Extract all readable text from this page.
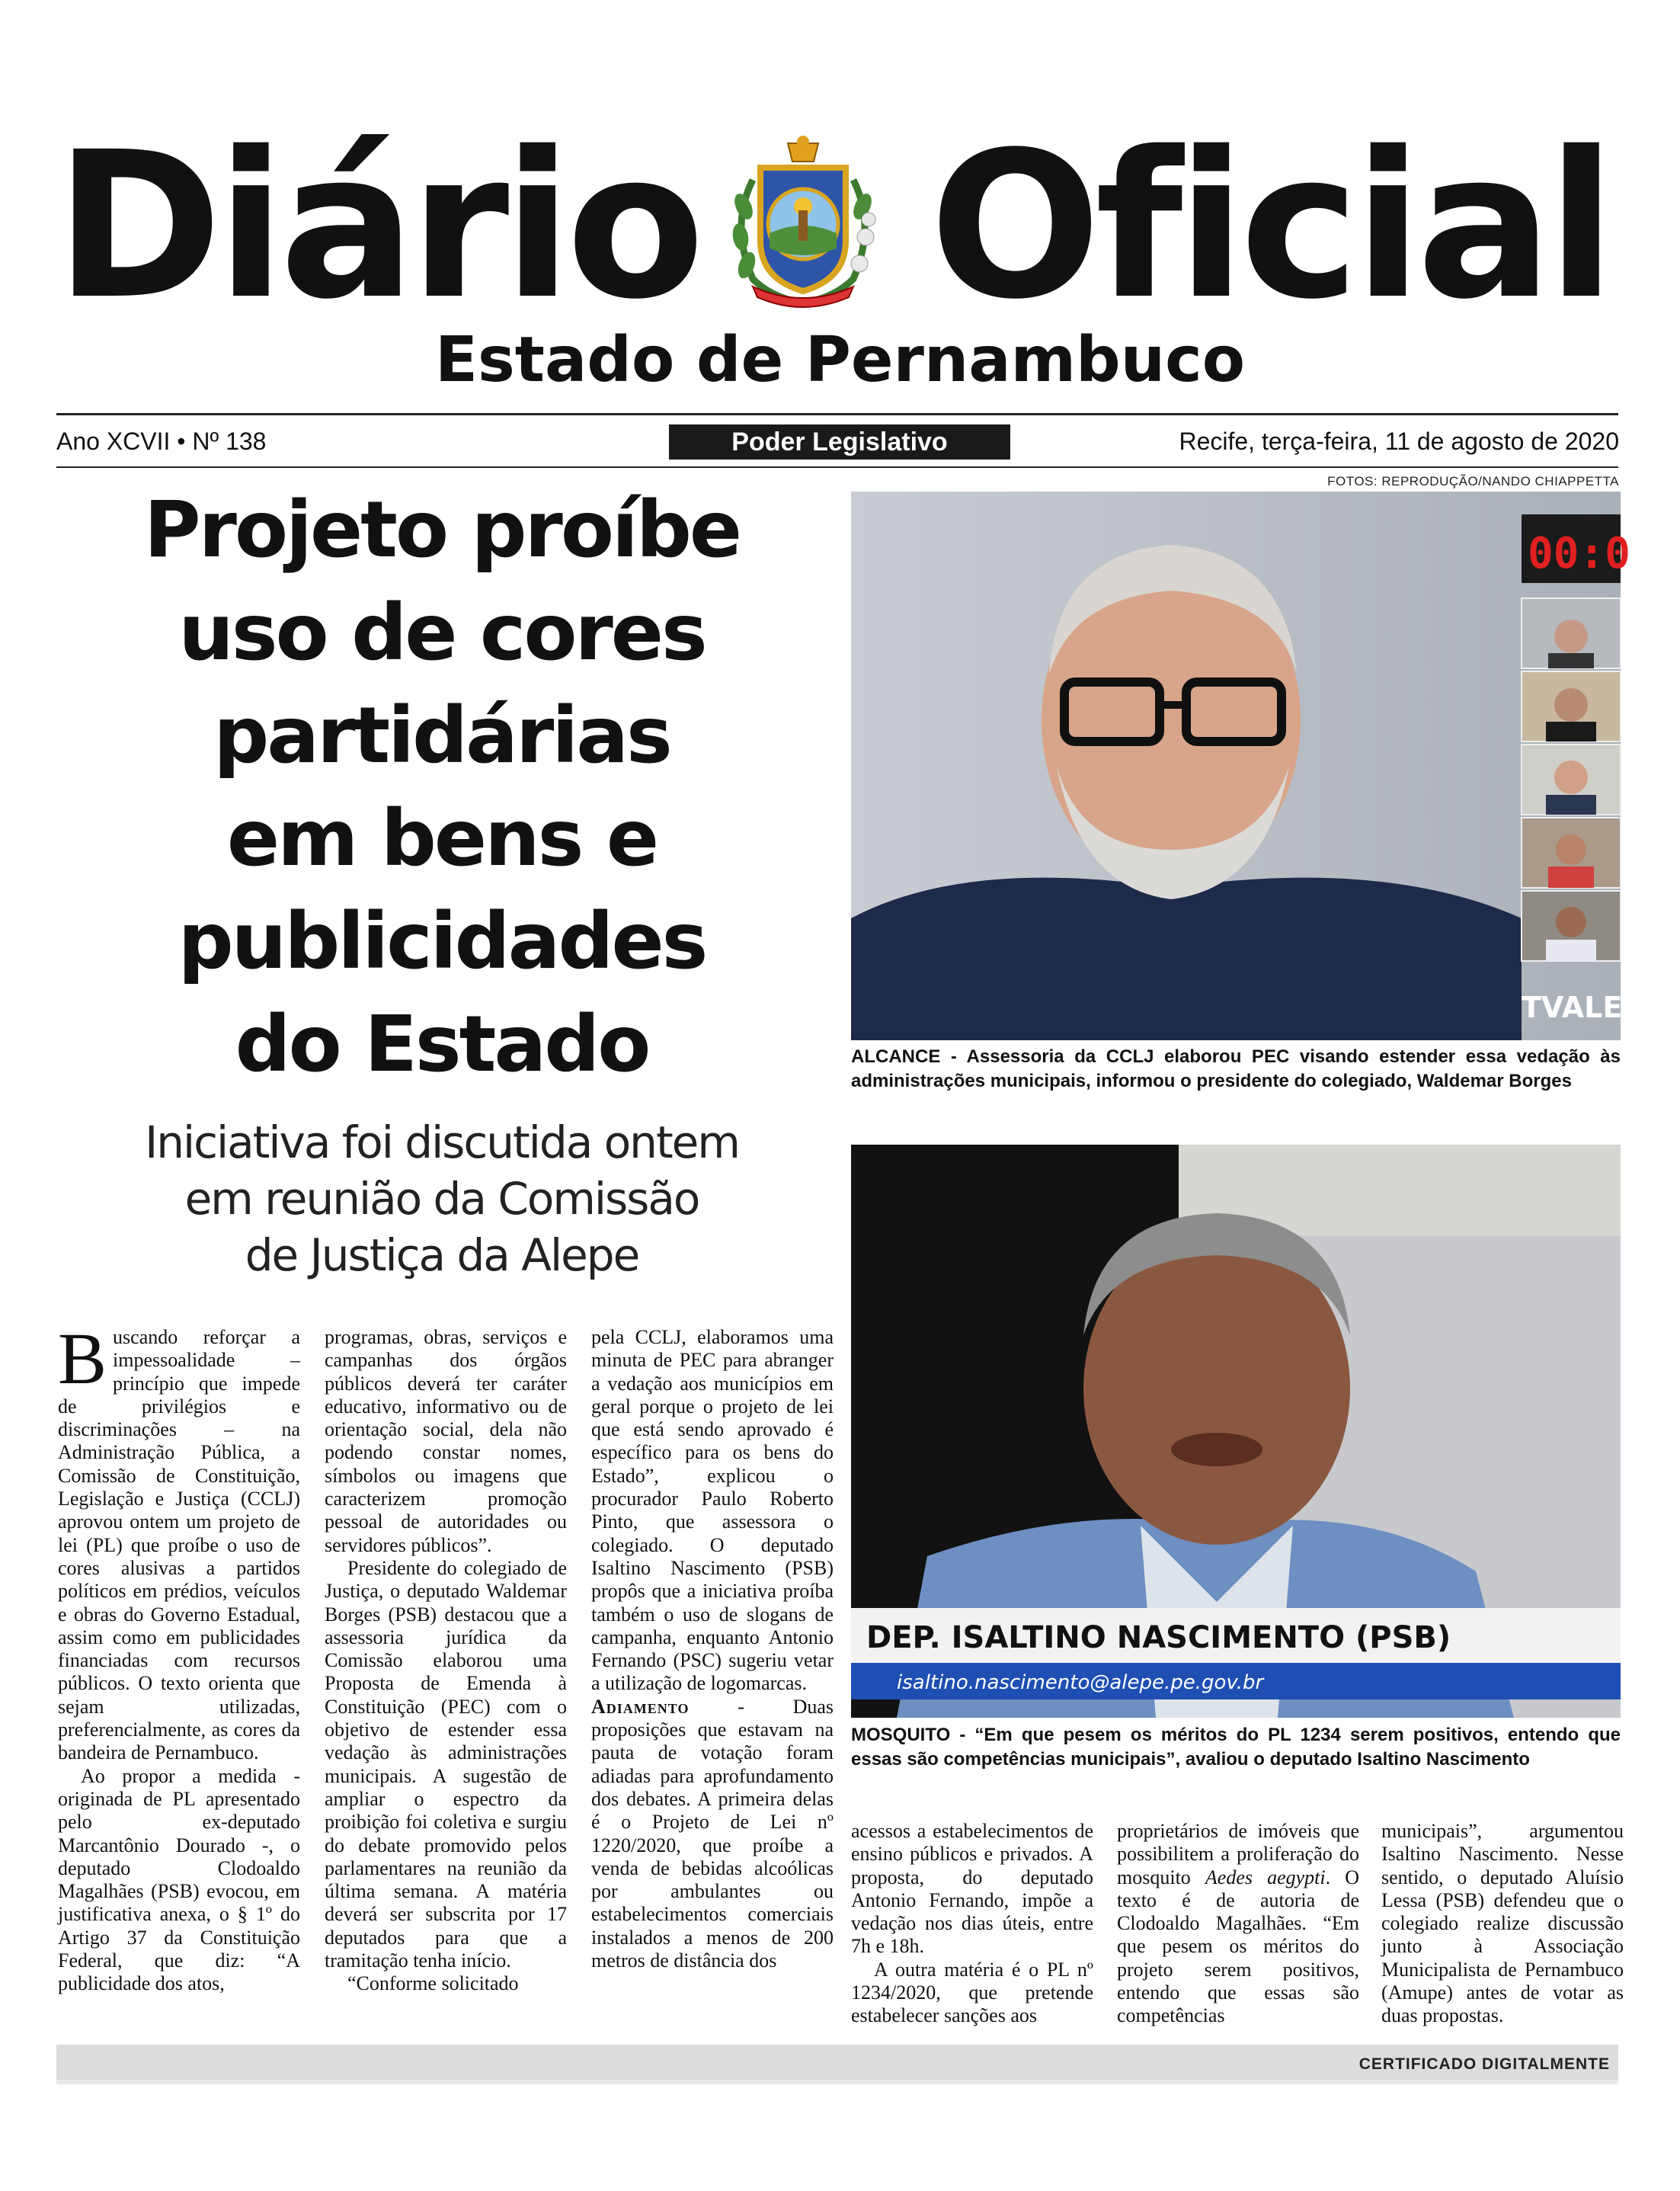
Diário Oficial
Estado de Pernambuco
Ano XCVII • Nº 138	Poder Legislativo	Recife, terça-feira, 11 de agosto de 2020
FOTOS: REPRODUÇÃO/NANDO CHIAPPETTA
Projeto proíbe
uso de cores
partidárias
em bens e
publicidades
do Estado
Iniciativa foi discutida ontem
em reunião da Comissão
de Justiça da Alepe
00:0
TVALEPE
ALCANCE - Assessoria da CCLJ elaborou PEC visando estender essa vedação às administrações municipais, informou o presidente do colegiado, Waldemar Borges
DEP. ISALTINO NASCIMENTO (PSB)
isaltino.nascimento@alepe.pe.gov.br
MOSQUITO - “Em que pesem os méritos do PL 1234 serem positivos, entendo que essas são competências municipais”, avaliou o deputado Isaltino Nascimento

Buscando reforçar a impessoalidade – princípio que impede de privilégios e discriminações – na Administração Pública, a Comissão de Constituição, Legislação e Justiça (CCLJ) aprovou ontem um projeto de lei (PL) que proíbe o uso de cores alusivas a partidos políticos em prédios, veículos e obras do Governo Estadual, assim como em publicidades financiadas com recursos públicos. O texto orienta que sejam utilizadas, preferencialmente, as cores da bandeira de Pernambuco.

Ao propor a medida - originada de PL apresentado pelo ex-deputado Marcantônio Dourado -, o deputado Clodoaldo Magalhães (PSB) evocou, em justificativa anexa, o § 1º do Artigo 37 da Constituição Federal, que diz: “A publicidade dos atos,

programas, obras, serviços e campanhas dos órgãos públicos deverá ter caráter educativo, informativo ou de orientação social, dela não podendo constar nomes, símbolos ou imagens que caracterizem promoção pessoal de autoridades ou servidores públicos”.

Presidente do colegiado de Justiça, o deputado Waldemar Borges (PSB) destacou que a assessoria jurídica da Comissão elaborou uma Proposta de Emenda à Constituição (PEC) com o objetivo de estender essa vedação às administrações municipais. A sugestão de ampliar o espectro da proibição foi coletiva e surgiu do debate promovido pelos parlamentares na reunião da última semana. A matéria deverá ser subscrita por 17 deputados para que a tramitação tenha início.

“Conforme solicitado

pela CCLJ, elaboramos uma minuta de PEC para abranger a vedação aos municípios em geral porque o projeto de lei que está sendo aprovado é específico para os bens do Estado”, explicou o procurador Paulo Roberto Pinto, que assessora o colegiado. O deputado Isaltino Nascimento (PSB) propôs que a iniciativa proíba também o uso de slogans de campanha, enquanto Antonio Fernando (PSC) sugeriu vetar a utilização de logomarcas.

Adiamento - Duas proposições que estavam na pauta de votação foram adiadas para aprofundamento dos debates. A primeira delas é o Projeto de Lei nº 1220/2020, que proíbe a venda de bebidas alcoólicas por ambulantes ou estabelecimentos comerciais instalados a menos de 200 metros de distância dos

acessos a estabelecimentos de ensino públicos e privados. A proposta, do deputado Antonio Fernando, impõe a vedação nos dias úteis, entre 7h e 18h.

A outra matéria é o PL nº 1234/2020, que pretende estabelecer sanções aos

proprietários de imóveis que possibilitem a proliferação do mosquito Aedes aegypti. O texto é de autoria de Clodoaldo Magalhães. “Em que pesem os méritos do projeto serem positivos, entendo que essas são competências

municipais”, argumentou Isaltino Nascimento. Nesse sentido, o deputado Aluísio Lessa (PSB) defendeu que o colegiado realize discussão junto à Associação Municipalista de Pernambuco (Amupe) antes de votar as duas propostas.

CERTIFICADO DIGITALMENTE
